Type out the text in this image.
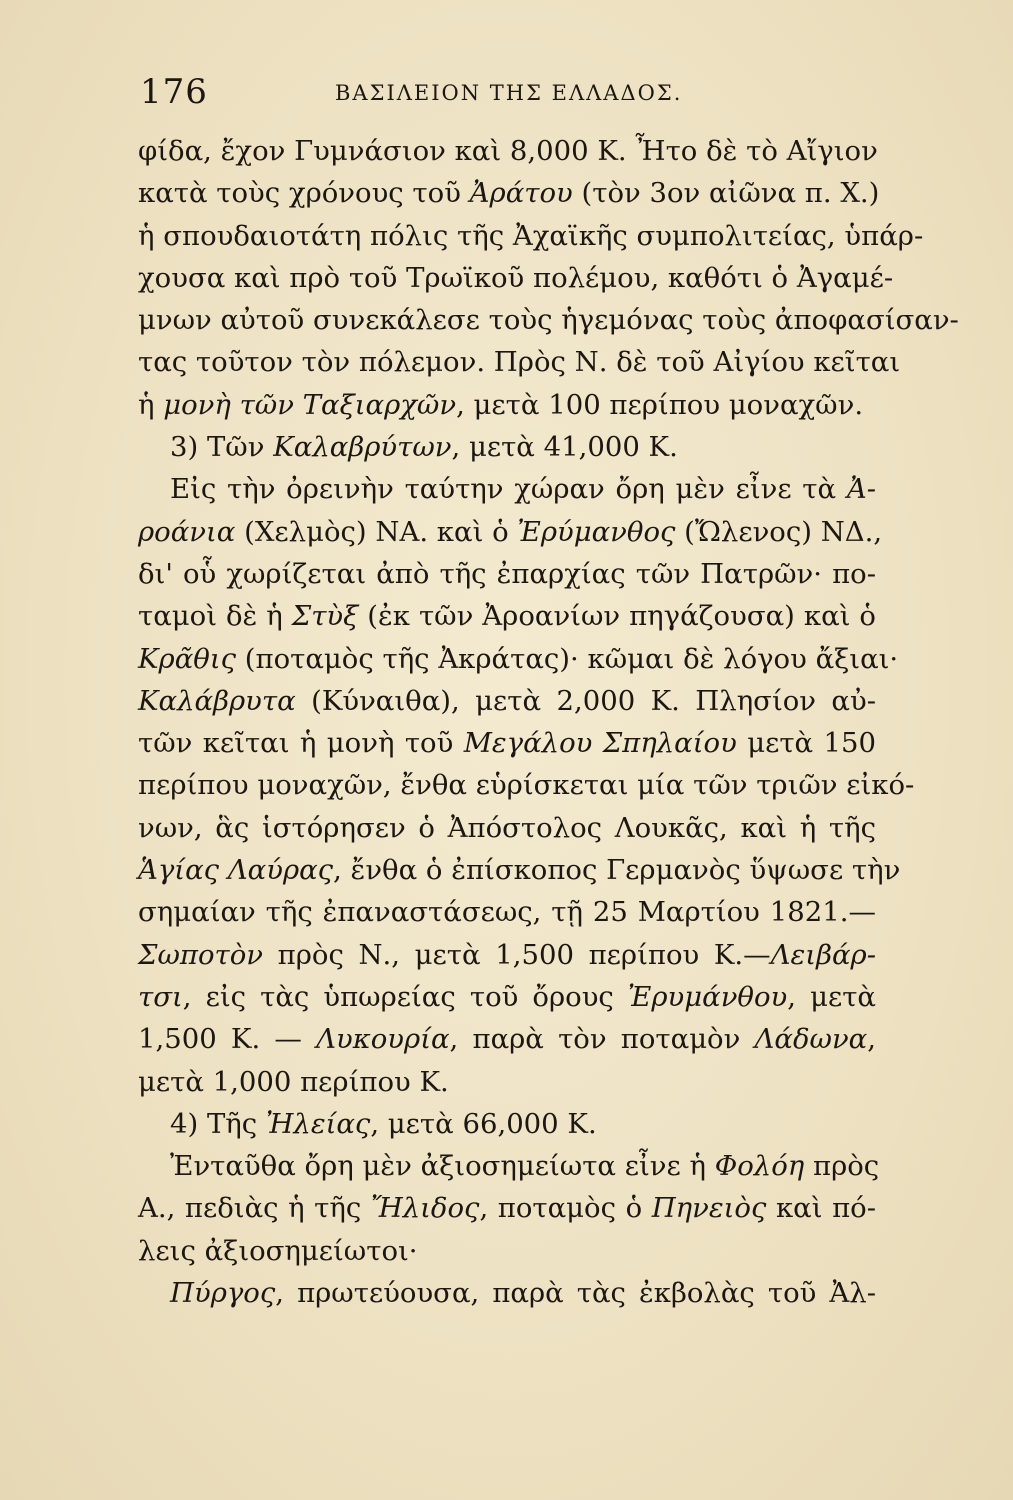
176	ΒΑΣΙΛΕΙΟΝ ΤΗΣ ΕΛΛΑΔΟΣ.
φίδα, ἔχον Γυμνάσιον καὶ 8,000 Κ. Ἦτο δὲ τὸ Αἴγιον
κατὰ τοὺς χρόνους τοῦ Ἀράτου (τὸν 3ον αἰῶνα π. Χ.)
ἡ σπουδαιοτάτη πόλις τῆς Ἀχαϊκῆς συμπολιτείας, ὑπάρ-
χουσα καὶ πρὸ τοῦ Τρωϊκοῦ πολέμου, καθότι ὁ Ἀγαμέ-
μνων αὐτοῦ συνεκάλεσε τοὺς ἡγεμόνας τοὺς ἀποφασίσαν-
τας τοῦτον τὸν πόλεμον. Πρὸς Ν. δὲ τοῦ Αἰγίου κεῖται
ἡ μονὴ τῶν Ταξιαρχῶν, μετὰ 100 περίπου μοναχῶν.
3) Τῶν Καλαβρύτων, μετὰ 41,000 Κ.
Εἰς τὴν ὀρεινὴν ταύτην χώραν ὄρη μὲν εἶνε τὰ Ἀ-
ροάνια (Χελμὸς) ΝΑ. καὶ ὁ Ἐρύμανθος (Ὤλενος) ΝΔ.,
δι' οὗ χωρίζεται ἀπὸ τῆς ἐπαρχίας τῶν Πατρῶν· πο-
ταμοὶ δὲ ἡ Στὺξ (ἐκ τῶν Ἀροανίων πηγάζουσα) καὶ ὁ
Κρᾶθις (ποταμὸς τῆς Ἀκράτας)· κῶμαι δὲ λόγου ἄξιαι·
Καλάβρυτα (Κύναιθα), μετὰ 2,000 Κ. Πλησίον αὐ-
τῶν κεῖται ἡ μονὴ τοῦ Μεγάλου Σπηλαίου μετὰ 150
περίπου μοναχῶν, ἔνθα εὑρίσκεται μία τῶν τριῶν εἰκό-
νων, ἃς ἱστόρησεν ὁ Ἀπόστολος Λουκᾶς, καὶ ἡ τῆς
Ἁγίας Λαύρας, ἔνθα ὁ ἐπίσκοπος Γερμανὸς ὕψωσε τὴν
σημαίαν τῆς ἐπαναστάσεως, τῇ 25 Μαρτίου 1821.—
Σωποτὸν πρὸς Ν., μετὰ 1,500 περίπου Κ.—Λειβάρ-
τσι, εἰς τὰς ὑπωρείας τοῦ ὄρους Ἐρυμάνθου, μετὰ
1,500 Κ. — Λυκουρία, παρὰ τὸν ποταμὸν Λάδωνα,
μετὰ 1,000 περίπου Κ.
4) Τῆς Ἠλείας, μετὰ 66,000 Κ.
Ἐνταῦθα ὄρη μὲν ἀξιοσημείωτα εἶνε ἡ Φολόη πρὸς
Α., πεδιὰς ἡ τῆς Ἤλιδος, ποταμὸς ὁ Πηνειὸς καὶ πό-
λεις ἀξιοσημείωτοι·
Πύργος, πρωτεύουσα, παρὰ τὰς ἐκβολὰς τοῦ Ἀλ-
